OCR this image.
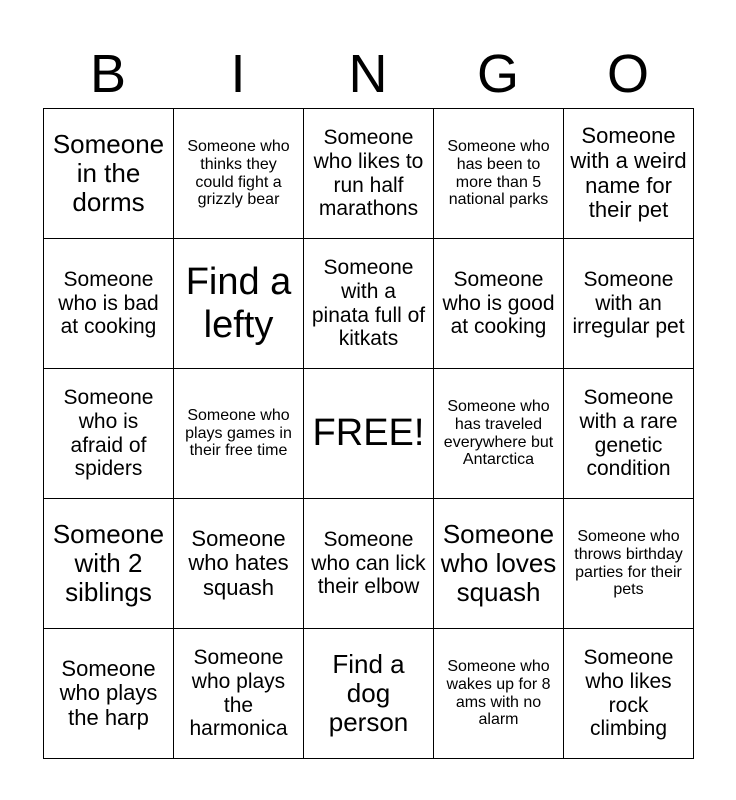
B	I	N	G	O
Someone in the dorms	Someone who thinks they could fight a grizzly bear	Someone who likes to run half marathons	Someone who has been to more than 5 national parks	Someone with a weird name for their pet
Someone who is bad at cooking	Find a lefty	Someone with a pinata full of kitkats	Someone who is good at cooking	Someone with an irregular pet
Someone who is afraid of spiders	Someone who plays games in their free time	FREE!	Someone who has traveled everywhere but Antarctica	Someone with a rare genetic condition
Someone with 2 siblings	Someone who hates squash	Someone who can lick their elbow	Someone who loves squash	Someone who throws birthday parties for their pets
Someone who plays the harp	Someone who plays the harmonica	Find a dog person	Someone who wakes up for 8 ams with no alarm	Someone who likes rock climbing
